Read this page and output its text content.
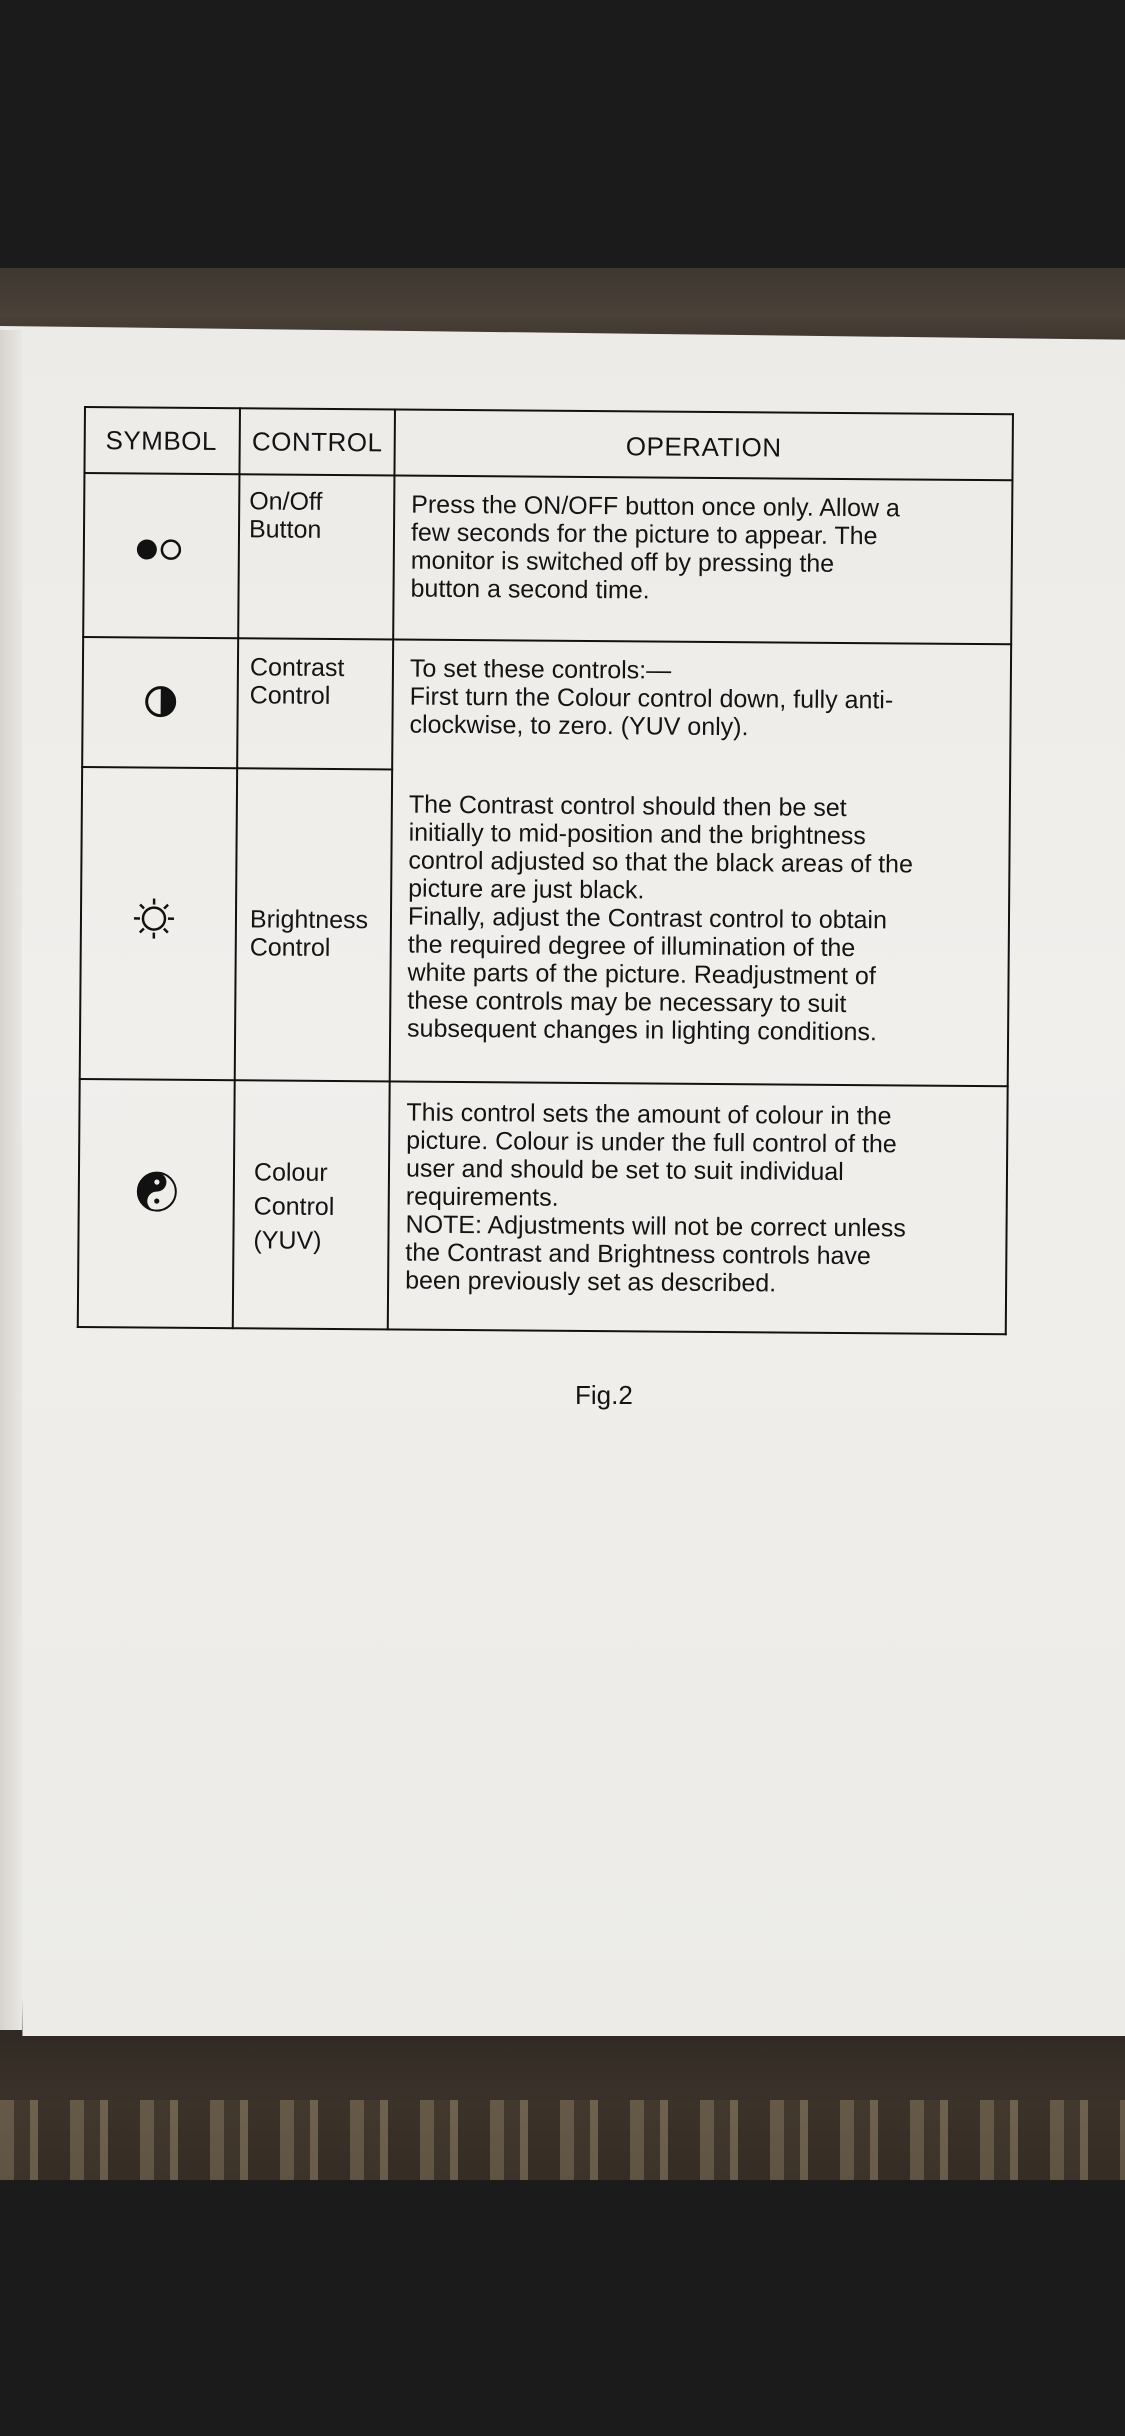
SYMBOL	CONTROL	OPERATION
On/Off
Button
Press the ON/OFF button once only. Allow a
few seconds for the picture to appear. The
monitor is switched off by pressing the
button a second time.
Contrast
Control
To set these controls:—
First turn the Colour control down, fully anti-
clockwise, to zero. (YUV only).
Brightness
Control
The Contrast control should then be set
initially to mid-position and the brightness
control adjusted so that the black areas of the
picture are just black.
Finally, adjust the Contrast control to obtain
the required degree of illumination of the
white parts of the picture. Readjustment of
these controls may be necessary to suit
subsequent changes in lighting conditions.
Colour
Control
(YUV)
This control sets the amount of colour in the
picture. Colour is under the full control of the
user and should be set to suit individual
requirements.
NOTE: Adjustments will not be correct unless
the Contrast and Brightness controls have
been previously set as described.
Fig.2
